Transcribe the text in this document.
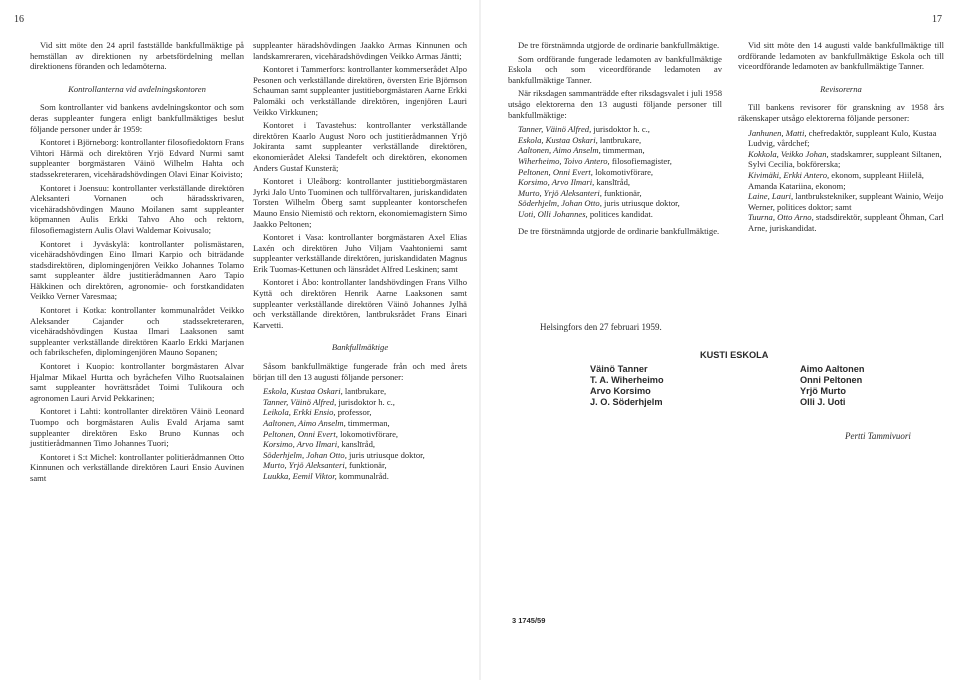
16

Vid sitt möte den 24 april fastställde bankfullmäktige på hemställan av direktionen ny arbetsfördelning mellan direktionens föranden och ledamöterna.

Kontrollanterna vid avdelningskontoren

Som kontrollanter vid bankens avdelningskontor och som deras suppleanter fungera enligt bankfullmäktiges beslut följande personer under år 1959:

Kontoret i Björneborg: kontrollanter filosofiedoktorn Frans Vihtori Härmä och direktören Yrjö Edvard Nurmi samt suppleanter borgmästaren Väinö Wilhelm Hahta och stadssekreteraren, vicehäradshövdingen Olavi Einar Koivisto;

Kontoret i Joensuu: kontrollanter verkställande direktören Aleksanteri Vornanen och häradsskrivaren, vicehäradshövdingen Mauno Moilanen samt suppleanter köpmannen Aulis Erkki Tahvo Aho och rektorn, filosofiemagistern Aulis Olavi Waldemar Koivusalo;

Kontoret i Jyväskylä: kontrollanter polismästaren, vicehäradshövdingen Eino Ilmari Karpio och biträdande stadsdirektören, diplomingenjören Veikko Johannes Tolamo samt suppleanter äldre justitierådmannen Aaro Tapio Häkkinen och direktören, agronomie- och forstkandidaten Veikko Verner Varesmaa;

Kontoret i Kotka: kontrollanter kommunalrådet Veikko Aleksander Cajander och stadssekreteraren, vicehäradshövdingen Kustaa Ilmari Laaksonen samt suppleanter verkställande direktören Kaarlo Erkki Marjanen och fabrikschefen, diplomingenjören Mauno Sopanen;

Kontoret i Kuopio: kontrollanter borgmästaren Alvar Hjalmar Mikael Hurtta och byråchefen Vilho Ruotsalainen samt suppleanter hovrättsrådet Toimi Tulikoura och agronomen Lauri Arvid Pekkarinen;

Kontoret i Lahti: kontrollanter direktören Väinö Leonard Tuompo och borgmästaren Aulis Evald Arjama samt suppleanter direktören Esko Bruno Kunnas och justitierådmannen Timo Johannes Tuori;

Kontoret i S:t Michel: kontrollanter politierådmannen Otto Kinnunen och verkställande direktören Lauri Ensio Auvinen samt

suppleanter häradshövdingen Jaakko Armas Kinnunen och landskamreraren, vicehäradshövdingen Veikko Armas Jäntti;

Kontoret i Tammerfors: kontrollanter kommerserådet Alpo Pesonen och verkställande direktören, översten Erie Björnson Schauman samt suppleanter justitieborgmästaren Aarne Erkki Palomäki och verkställande direktören, ingenjören Lauri Veikko Virkkunen;

Kontoret i Tavastehus: kontrollanter verkställande direktören Kaarlo August Noro och justitierådmannen Yrjö Jokiranta samt suppleanter verkställande direktören, ekonomierådet Aleksi Tandefelt och direktören, ekonomen Anders Gustaf Kunsterä;

Kontoret i Uleåborg: kontrollanter justitieborgmästaren Jyrki Jalo Unto Tuominen och tullförvaltaren, juriskandidaten Torsten Wilhelm Öberg samt suppleanter kontorschefen Mauno Ensio Niemistö och rektorn, ekonomiemagistern Simo Jaakko Peltonen;

Kontoret i Vasa: kontrollanter borgmästaren Axel Elias Laxén och direktören Juho Viljam Vaahtoniemi samt suppleanter verkställande direktören, juriskandidaten Magnus Erik Tuomas-Kettunen och länsrådet Alfred Leskinen; samt

Kontoret i Åbo: kontrollanter landshövdingen Frans Vilho Kyttä och direktören Henrik Aarne Laaksonen samt suppleanter verkställande direktören Väinö Johannes Jylhä och verkställande direktören, lantbruksrådet Frans Einari Karvetti.

Bankfullmäktige

Såsom bankfullmäktige fungerade från och med årets början till den 13 augusti följande personer:

Eskola, Kustaa Oskari, lantbrukare,

Tanner, Väinö Alfred, jurisdoktor h. c.,

Leikola, Erkki Ensio, professor,

Aaltonen, Aimo Anselm, timmerman,

Peltonen, Onni Evert, lokomotivförare,

Korsimo, Arvo Ilmari, kanslīråd,

Söderhjelm, Johan Otto, juris utriusque doktor,

Murto, Yrjö Aleksanteri, funktionär,

Luukka, Eemil Viktor, kommunalråd.

17

De tre förstnämnda utgjorde de ordinarie bankfullmäktige.

Som ordförande fungerade ledamoten av bankfullmäktige Eskola och som viceordförande ledamoten av bankfullmäktige Tanner.

När riksdagen sammanträdde efter riksdagsvalet i juli 1958 utsågo elektorerna den 13 augusti följande personer till bankfullmäktige:

Tanner, Väinö Alfred, jurisdoktor h. c.,

Eskola, Kustaa Oskari, lantbrukare,

Aaltonen, Aimo Anselm, timmerman,

Wiherheimo, Toivo Antero, filosofiemagister,

Peltonen, Onni Evert, lokomotivförare,

Korsimo, Arvo Ilmari, kanslīråd,

Murto, Yrjö Aleksanteri, funktionär,

Söderhjelm, Johan Otto, juris utriusque doktor,

Uoti, Olli Johannes, politices kandidat.

De tre förstnämnda utgjorde de ordinarie bankfullmäktige.

Vid sitt möte den 14 augusti valde bankfullmäktige till ordförande ledamoten av bankfullmäktige Eskola och till viceordförande ledamoten av bankfullmäktige Tanner.

Revisorerna

Till bankens revisorer för granskning av 1958 års räkenskaper utsågo elektorerna följande personer:

Janhunen, Matti, chefredaktör, suppleant Kulo, Kustaa Ludvig, vårdchef;

Kokkola, Veikko Johan, stadskamrer, suppleant Siltanen, Sylvi Cecilia, bokförerska;

Kivimäki, Erkki Antero, ekonom, suppleant Hiilelä, Amanda Katariina, ekonom;

Laine, Lauri, lantbrukstekniker, suppleant Wainio, Weijo Werner, politices doktor; samt

Tuurna, Otto Arno, stadsdirektör, suppleant Öhman, Carl Arne, juriskandidat.

Helsingfors den 27 februari 1959.
KUSTI ESKOLA
Väinö Tanner
T. A. Wiherheimo
Arvo Korsimo
J. O. Söderhjelm
Aimo Aaltonen
Onni Peltonen
Yrjö Murto
Olli J. Uoti
Pertti Tammivuori
3 1745/59
